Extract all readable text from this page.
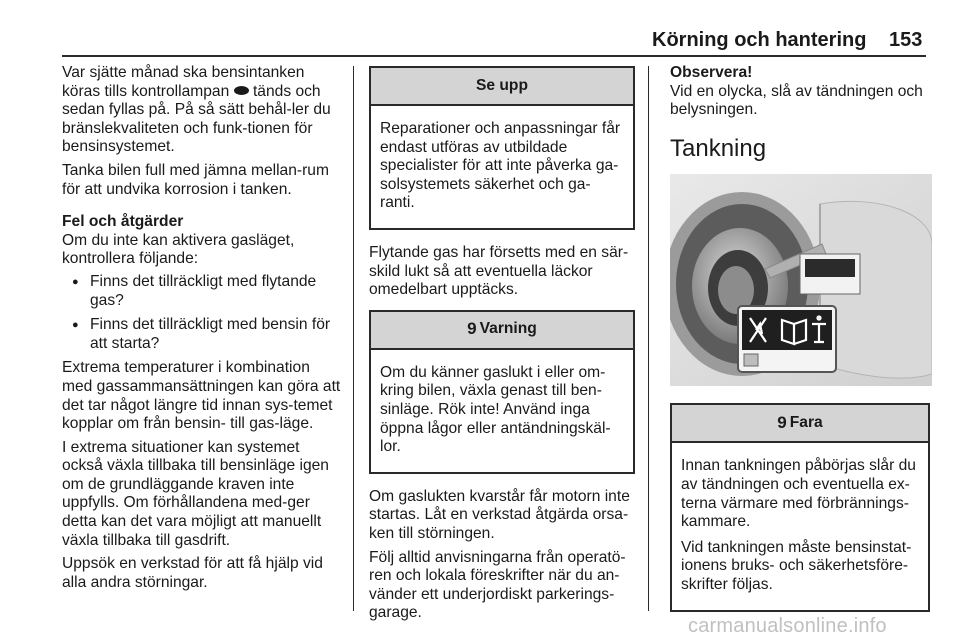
Körning och hantering 153

Var sjätte månad ska bensintanken köras tills kontrollampan tänds och sedan fyllas på. På så sätt behål-ler du bränslekvaliteten och funk-tionen för bensinsystemet.

Tanka bilen full med jämna mellan-rum för att undvika korrosion i tanken.

Fel och åtgärder

Om du inte kan aktivera gasläget, kontrollera följande:

● Finns det tillräckligt med flytande gas?
● Finns det tillräckligt med bensin för att starta?

Extrema temperaturer i kombination med gassammansättningen kan göra att det tar något längre tid innan sys-temet kopplar om från bensin- till gas-läge.

I extrema situationer kan systemet också växla tillbaka till bensinläge igen om de grundläggande kraven inte uppfylls. Om förhållandena med-ger detta kan det vara möjligt att manuellt växla tillbaka till gasdrift.

Uppsök en verkstad för att få hjälp vid alla andra störningar.

Se upp

Reparationer och anpassningar får endast utföras av utbildade specialister för att inte påverka ga-solsystemets säkerhet och ga-ranti.

Flytande gas har försetts med en sär-skild lukt så att eventuella läckor omedelbart upptäcks.

9 Varning

Om du känner gaslukt i eller om-kring bilen, växla genast till ben-sinläge. Rök inte! Använd inga öppna lågor eller antändningskäl-lor.

Om gaslukten kvarstår får motorn inte startas. Låt en verkstad åtgärda orsa-ken till störningen.

Följ alltid anvisningarna från operatö-ren och lokala föreskrifter när du an-vänder ett underjordiskt parkerings-garage.

Observera!

Vid en olycka, slå av tändningen och belysningen.

Tankning
9 Fara

Innan tankningen påbörjas slår du av tändningen och eventuella ex-terna värmare med förbrännings-kammare.

Vid tankningen måste bensinstat-ionens bruks- och säkerhetsföre-skrifter följas.

carmanualsonline.info
